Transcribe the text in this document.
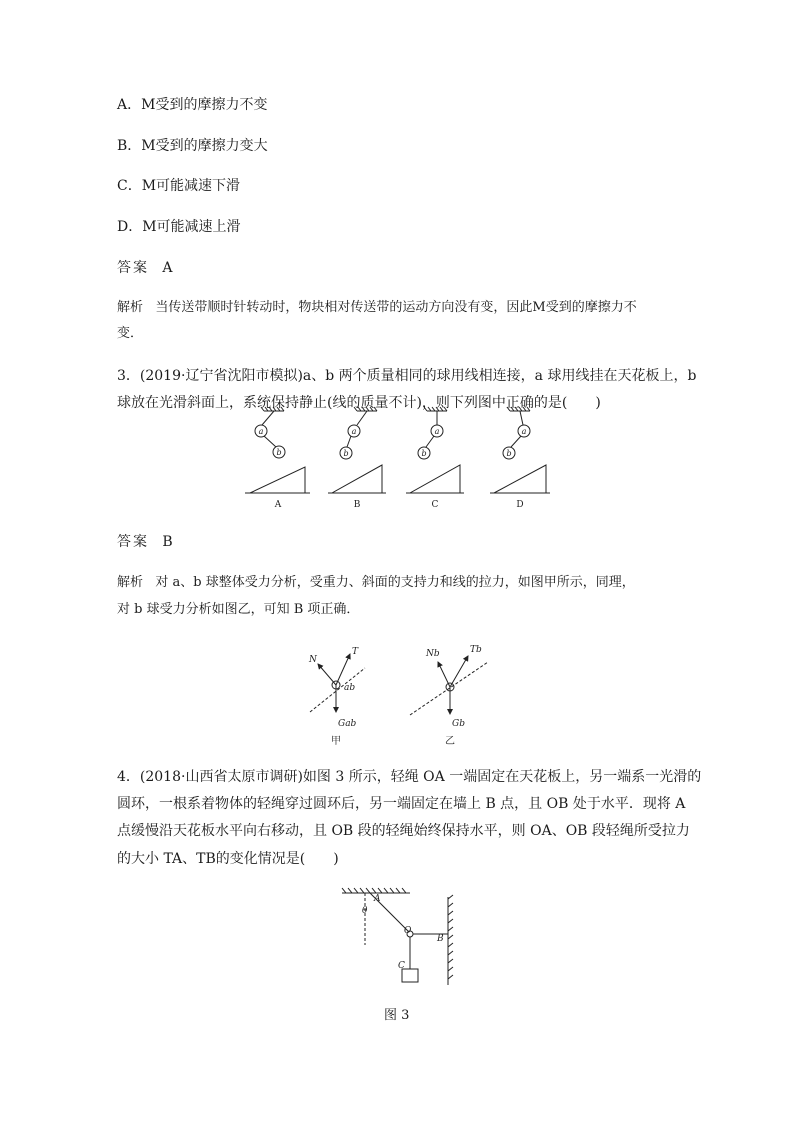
A．M受到的摩擦力不变
B．M受到的摩擦力变大
C．M可能减速下滑
D．M可能减速上滑
答案 A
解析 当传送带顺时针转动时，物块相对传送带的运动方向没有变，因此M受到的摩擦力不
变．
3．(2019·辽宁省沈阳市模拟)a、b 两个质量相同的球用线相连接，a 球用线挂在天花板上，b
球放在光滑斜面上，系统保持静止(线的质量不计)，则下列图中正确的是(　　)
a
b
a
b
a
b
a
b
A	B	C	D
答案 B
解析 对 a、b 球整体受力分析，受重力、斜面的支持力和线的拉力，如图甲所示，同理，
对 b 球受力分析如图乙，可知 B 项正确．
N
T
ab
Gab
Nb	Tb
Gb
甲	乙
4．(2018·山西省太原市调研)如图 3 所示，轻绳 OA 一端固定在天花板上，另一端系一光滑的
圆环，一根系着物体的轻绳穿过圆环后，另一端固定在墙上 B 点，且 OB 处于水平．现将 A
点缓慢沿天花板水平向右移动，且 OB 段的轻绳始终保持水平，则 OA、OB 段轻绳所受拉力
的大小 TA、TB的变化情况是(　　)
A
θ
O
B
C
图 3
